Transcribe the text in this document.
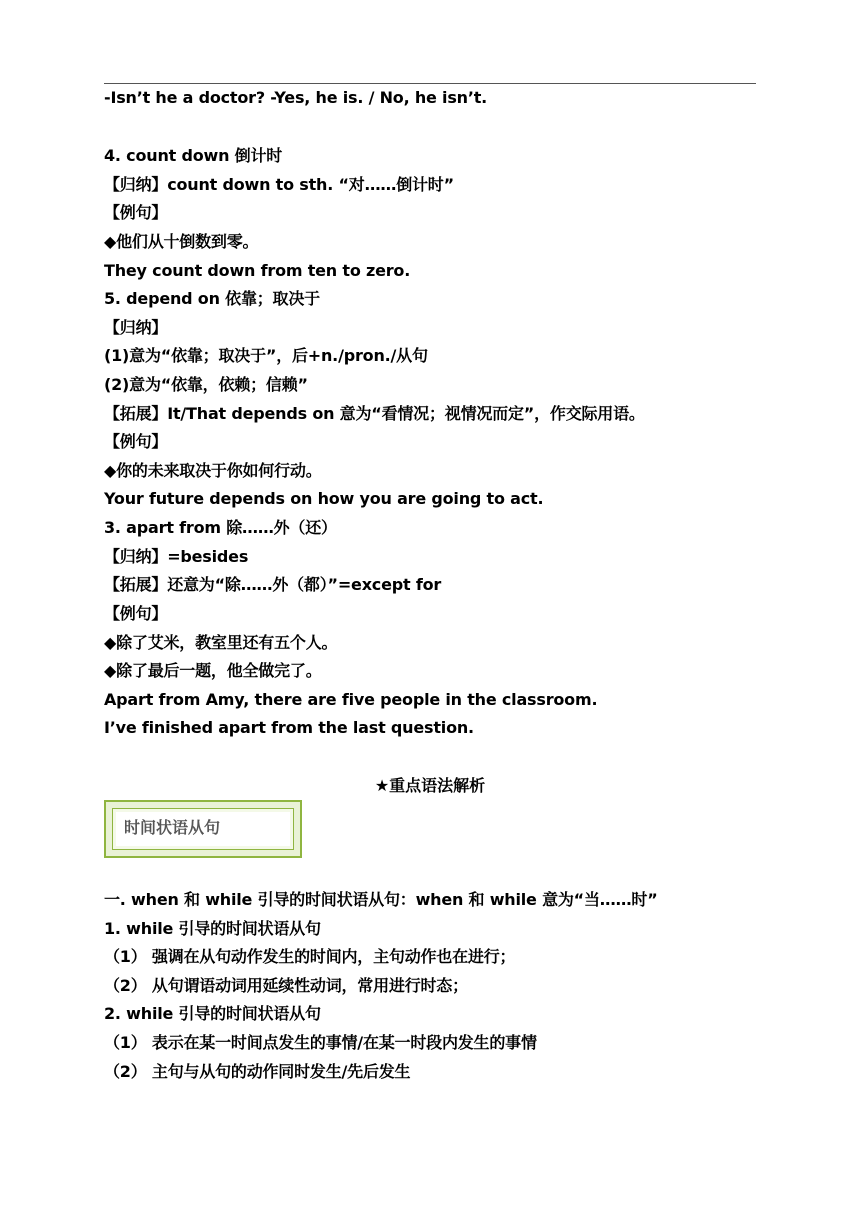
-Isn’t he a doctor? -Yes, he is. / No, he isn’t.
4. count down 倒计时
【归纳】count down to sth. “对……倒计时”
【例句】
◆他们从十倒数到零。
They count down from ten to zero.
5. depend on 依靠；取决于
【归纳】
(1)意为“依靠；取决于”，后+n./pron./从句
(2)意为“依靠，依赖；信赖”
【拓展】It/That depends on 意为“看情况；视情况而定”，作交际用语。
【例句】
◆你的未来取决于你如何行动。
Your future depends on how you are going to act.
3. apart from 除……外（还）
【归纳】=besides
【拓展】还意为“除……外（都）”=except for
【例句】
◆除了艾米，教室里还有五个人。
◆除了最后一题，他全做完了。
Apart from Amy, there are five people in the classroom.
I’ve finished apart from the last question.
★重点语法解析
时间状语从句
一. when 和 while 引导的时间状语从句：when 和 while 意为“当……时”
1. while 引导的时间状语从句
（1） 强调在从句动作发生的时间内，主句动作也在进行；
（2） 从句谓语动词用延续性动词，常用进行时态；
2. while 引导的时间状语从句
（1） 表示在某一时间点发生的事情/在某一时段内发生的事情
（2） 主句与从句的动作同时发生/先后发生
